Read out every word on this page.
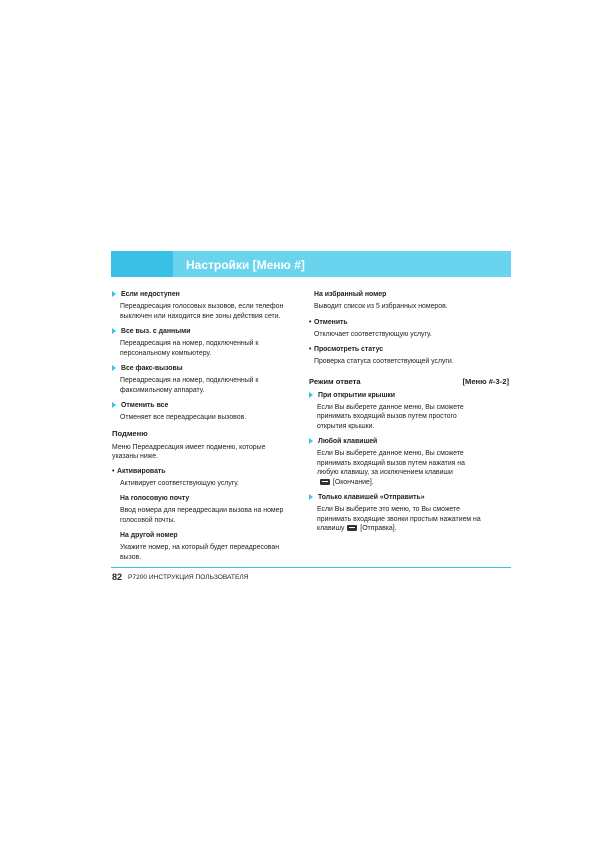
Настройки [Меню #]
Если недоступен
Переадресация голосовых вызовов, если телефон выключен или находится вне зоны действия сети.
Все выз. с данными
Переадресация на номер, подключенный к персональному компьютеру.
Все факс-вызовы
Переадресация на номер, подключенный к факсимильному аппарату.
Отменить все
Отменяет все переадресации вызовов.
Подменю
Меню Переадресация имеет подменю, которые указаны ниже.
• Активировать
Активирует соответствующую услугу.
На голосовую почту
Ввод номера для переадресации вызова на номер голосовой почты.
На другой номер
Укажите номер, на который будет переадресован вызов.
На избранный номер
Выводит список из 5 избранных номеров.
• Отменить
Отключает соответствующую услугу.
• Просмотреть статус
Проверка статуса соответствующей услуги.
Режим ответа	[Меню #-3-2]
При открытии крышки
Если Вы выберете данное меню, Вы сможете принимать входящий вызов путем простого открытия крышки.
Любой клавишей
Если Вы выберете данное меню, Вы сможете принимать входящий вызов путем нажатия на любую клавишу, за исключением клавиши
[Окончание].
Только клавишей «Отправить»
Если Вы выберите это меню, то Вы сможете принимать входящие звонки простым нажатием на клавишу [Отправка].
82 P7200 ИНСТРУКЦИЯ ПОЛЬЗОВАТЕЛЯ
